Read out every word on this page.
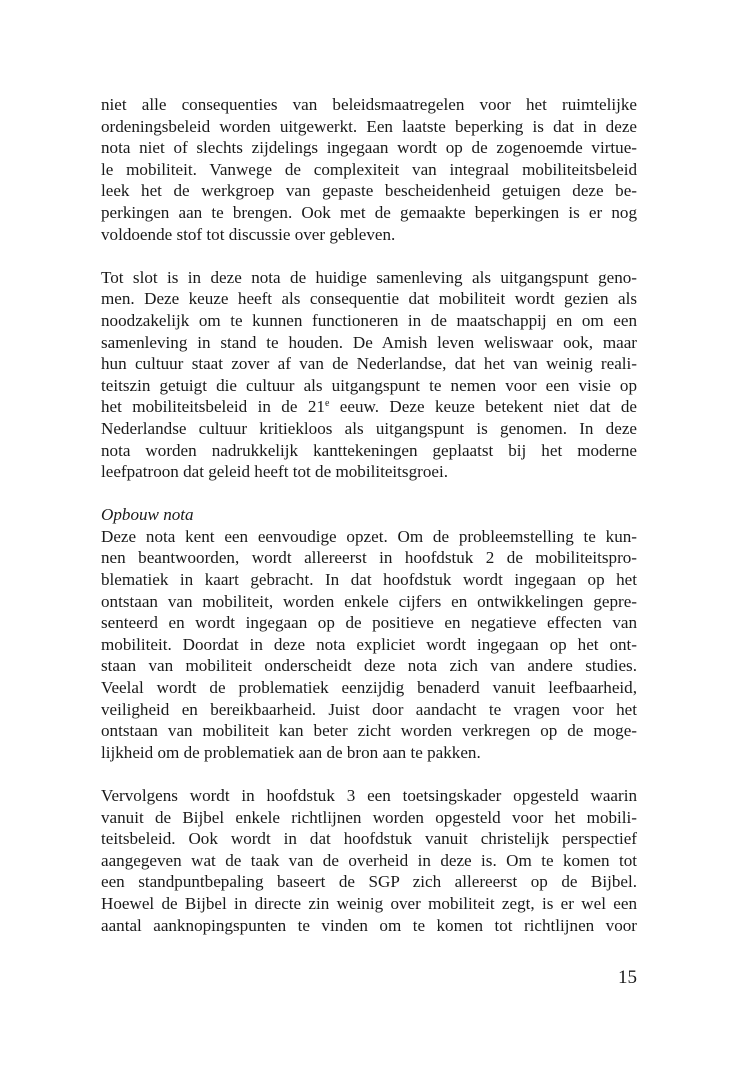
niet alle consequenties van beleidsmaatregelen voor het ruimtelijke
ordeningsbeleid worden uitgewerkt. Een laatste beperking is dat in deze
nota niet of slechts zijdelings ingegaan wordt op de zogenoemde virtue-
le mobiliteit. Vanwege de complexiteit van integraal mobiliteitsbeleid
leek het de werkgroep van gepaste bescheidenheid getuigen deze be-
perkingen aan te brengen. Ook met de gemaakte beperkingen is er nog
voldoende stof tot discussie over gebleven.
Tot slot is in deze nota de huidige samenleving als uitgangspunt geno-
men. Deze keuze heeft als consequentie dat mobiliteit wordt gezien als
noodzakelijk om te kunnen functioneren in de maatschappij en om een
samenleving in stand te houden. De Amish leven weliswaar ook, maar
hun cultuur staat zover af van de Nederlandse, dat het van weinig reali-
teitszin getuigt die cultuur als uitgangspunt te nemen voor een visie op
het mobiliteitsbeleid in de 21e eeuw. Deze keuze betekent niet dat de
Nederlandse cultuur kritiekloos als uitgangspunt is genomen. In deze
nota worden nadrukkelijk kanttekeningen geplaatst bij het moderne
leefpatroon dat geleid heeft tot de mobiliteitsgroei.
Opbouw nota
Deze nota kent een eenvoudige opzet. Om de probleemstelling te kun-
nen beantwoorden, wordt allereerst in hoofdstuk 2 de mobiliteitspro-
blematiek in kaart gebracht. In dat hoofdstuk wordt ingegaan op het
ontstaan van mobiliteit, worden enkele cijfers en ontwikkelingen gepre-
senteerd en wordt ingegaan op de positieve en negatieve effecten van
mobiliteit. Doordat in deze nota expliciet wordt ingegaan op het ont-
staan van mobiliteit onderscheidt deze nota zich van andere studies.
Veelal wordt de problematiek eenzijdig benaderd vanuit leefbaarheid,
veiligheid en bereikbaarheid. Juist door aandacht te vragen voor het
ontstaan van mobiliteit kan beter zicht worden verkregen op de moge-
lijkheid om de problematiek aan de bron aan te pakken.
Vervolgens wordt in hoofdstuk 3 een toetsingskader opgesteld waarin
vanuit de Bijbel enkele richtlijnen worden opgesteld voor het mobili-
teitsbeleid. Ook wordt in dat hoofdstuk vanuit christelijk perspectief
aangegeven wat de taak van de overheid in deze is. Om te komen tot
een standpuntbepaling baseert de SGP zich allereerst op de Bijbel.
Hoewel de Bijbel in directe zin weinig over mobiliteit zegt, is er wel een
aantal aanknopingspunten te vinden om te komen tot richtlijnen voor
15
